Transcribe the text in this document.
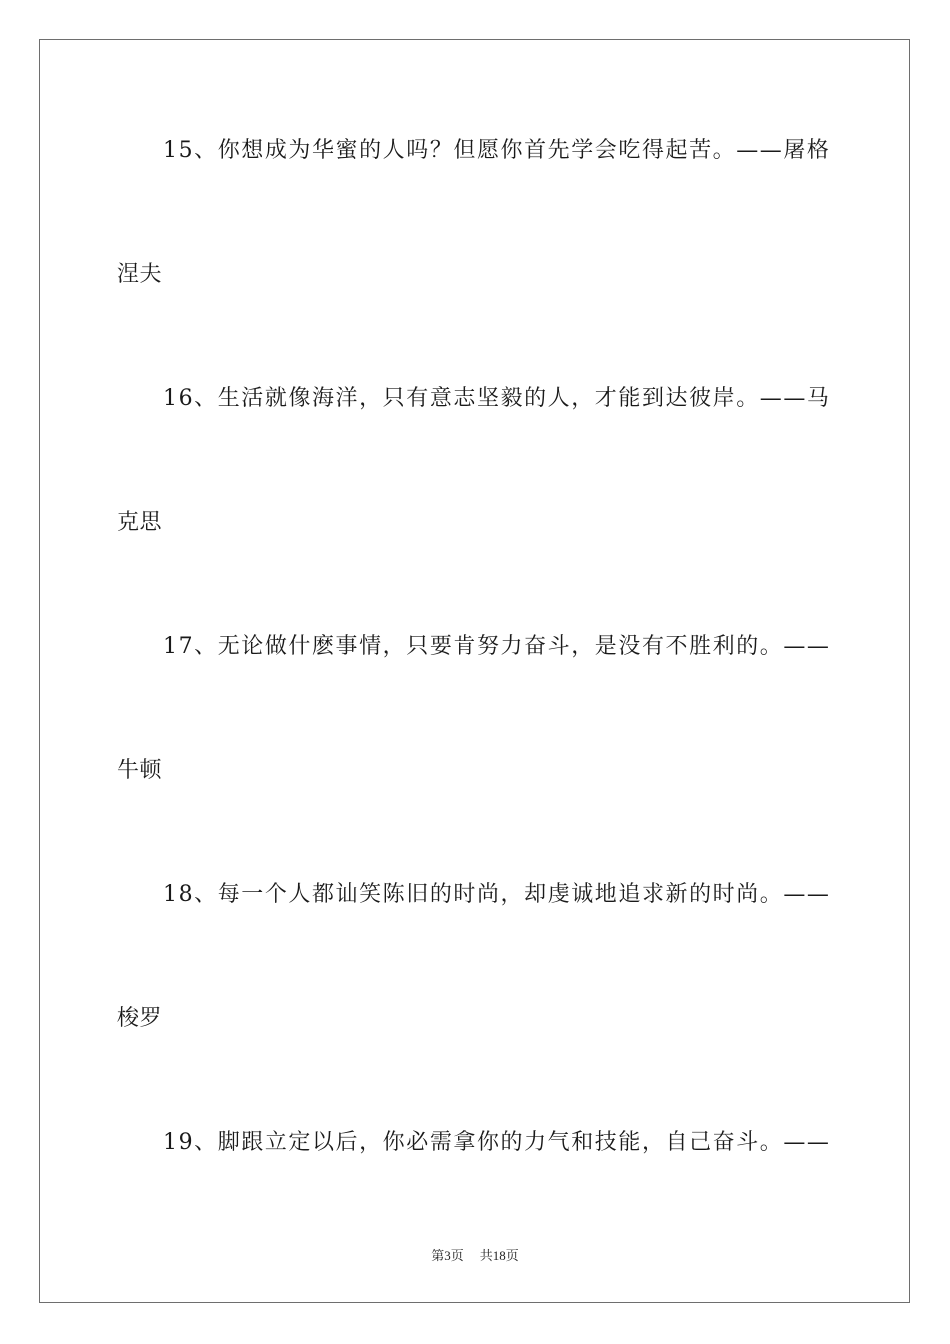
15、你想成为华蜜的人吗？但愿你首先学会吃得起苦。——屠格
涅夫
16、生活就像海洋，只有意志坚毅的人，才能到达彼岸。——马
克思
17、无论做什麽事情，只要肯努力奋斗，是没有不胜利的。——
牛顿
18、每一个人都讪笑陈旧的时尚，却虔诚地追求新的时尚。——
梭罗
19、脚跟立定以后，你必需拿你的力气和技能，自己奋斗。——
第3页 共18页
